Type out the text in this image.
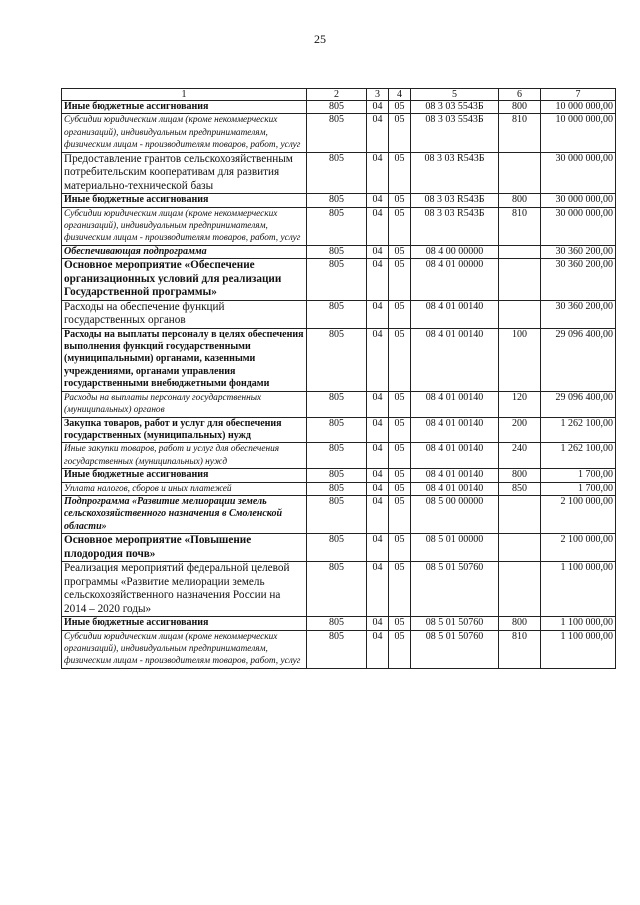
25
1	2	3	4	5	6	7
Иные бюджетные ассигнования	805	04	05	08 3 03 5543Б	800	10 000 000,00
Субсидии юридическим лицам (кроме некоммерческих организаций), индивидуальным предпринимателям, физическим лицам - производителям товаров, работ, услуг	805	04	05	08 3 03 5543Б	810	10 000 000,00
Предоставление грантов сельскохозяйственным потребительским кооперативам для развития материально-технической базы	805	04	05	08 3 03 R543Б		30 000 000,00
Иные бюджетные ассигнования	805	04	05	08 3 03 R543Б	800	30 000 000,00
Субсидии юридическим лицам (кроме некоммерческих организаций), индивидуальным предпринимателям, физическим лицам - производителям товаров, работ, услуг	805	04	05	08 3 03 R543Б	810	30 000 000,00
Обеспечивающая подпрограмма	805	04	05	08 4 00 00000		30 360 200,00
Основное мероприятие «Обеспечение организационных условий для реализации Государственной программы»	805	04	05	08 4 01 00000		30 360 200,00
Расходы на обеспечение функций государственных органов	805	04	05	08 4 01 00140		30 360 200,00
Расходы на выплаты персоналу в целях обеспечения выполнения функций государственными (муниципальными) органами, казенными учреждениями, органами управления государственными внебюджетными фондами	805	04	05	08 4 01 00140	100	29 096 400,00
Расходы на выплаты персоналу государственных (муниципальных) органов	805	04	05	08 4 01 00140	120	29 096 400,00
Закупка товаров, работ и услуг для обеспечения государственных (муниципальных) нужд	805	04	05	08 4 01 00140	200	1 262 100,00
Иные закупки товаров, работ и услуг для обеспечения государственных (муниципальных) нужд	805	04	05	08 4 01 00140	240	1 262 100,00
Иные бюджетные ассигнования	805	04	05	08 4 01 00140	800	1 700,00
Уплата налогов, сборов и иных платежей	805	04	05	08 4 01 00140	850	1 700,00
Подпрограмма «Развитие мелиорации земель сельскохозяйственного назначения в Смоленской области»	805	04	05	08 5 00 00000		2 100 000,00
Основное мероприятие «Повышение плодородия почв»	805	04	05	08 5 01 00000		2 100 000,00
Реализация мероприятий федеральной целевой программы «Развитие мелиорации земель сельскохозяйственного назначения России на 2014 – 2020 годы»	805	04	05	08 5 01 50760		1 100 000,00
Иные бюджетные ассигнования	805	04	05	08 5 01 50760	800	1 100 000,00
Субсидии юридическим лицам (кроме некоммерческих организаций), индивидуальным предпринимателям, физическим лицам - производителям товаров, работ, услуг	805	04	05	08 5 01 50760	810	1 100 000,00
